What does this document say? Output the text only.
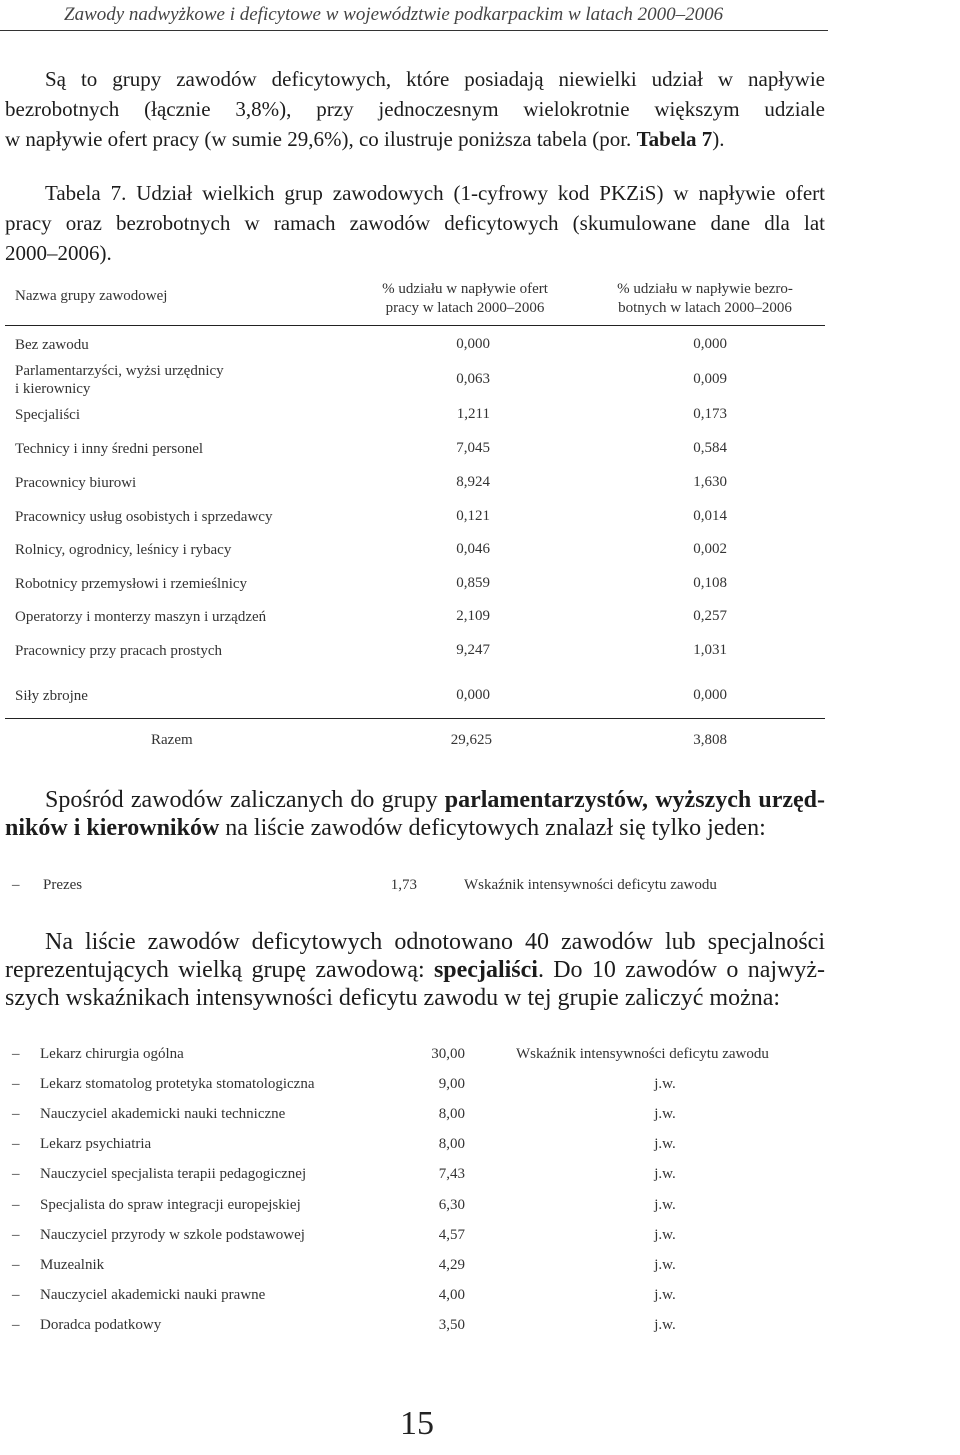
Zawody nadwyżkowe i deficytowe w województwie podkarpackim w latach 2000–2006
Są to grupy zawodów deficytowych, które posiadają niewielki udział w napływie
bezrobotnych (łącznie 3,8%), przy jednoczesnym wielokrotnie większym udziale
w napływie ofert pracy (w sumie 29,6%), co ilustruje poniższa tabela (por. Tabela 7).
Tabela 7. Udział wielkich grup zawodowych (1-cyfrowy kod PKZiS) w napływie ofert
pracy oraz bezrobotnych w ramach zawodów deficytowych (skumulowane dane dla lat
2000–2006).
Nazwa grupy zawodowej	% udziału w napływie ofert
pracy w latach 2000–2006
% udziału w napływie bezro-
botnych w latach 2000–2006
Bez zawodu	0,000	0,000
Parlamentarzyści, wyżsi urzędnicy
i kierownicy
0,063	0,009
Specjaliści	1,211	0,173
Technicy i inny średni personel	7,045	0,584
Pracownicy biurowi	8,924	1,630
Pracownicy usług osobistych i sprzedawcy	0,121	0,014
Rolnicy, ogrodnicy, leśnicy i rybacy	0,046	0,002
Robotnicy przemysłowi i rzemieślnicy	0,859	0,108
Operatorzy i monterzy maszyn i urządzeń	2,109	0,257
Pracownicy przy pracach prostych	9,247	1,031
Siły zbrojne	0,000	0,000
Razem	29,625	3,808
Spośród zawodów zaliczanych do grupy parlamentarzystów, wyższych urzęd-
ników i kierowników na liście zawodów deficytowych znalazł się tylko jeden:
– Prezes	1,73	Wskaźnik intensywności deficytu zawodu
Na liście zawodów deficytowych odnotowano 40 zawodów lub specjalności
reprezentujących wielką grupę zawodową: specjaliści. Do 10 zawodów o najwyż-
szych wskaźnikach intensywności deficytu zawodu w tej grupie zaliczyć można:
– Lekarz chirurgia ogólna	30,00	Wskaźnik intensywności deficytu zawodu
– Lekarz stomatolog protetyka stomatologiczna	9,00	j.w.
– Nauczyciel akademicki nauki techniczne	8,00	j.w.
– Lekarz psychiatria	8,00	j.w.
– Nauczyciel specjalista terapii pedagogicznej	7,43	j.w.
– Specjalista do spraw integracji europejskiej	6,30	j.w.
– Nauczyciel przyrody w szkole podstawowej	4,57	j.w.
– Muzealnik	4,29	j.w.
– Nauczyciel akademicki nauki prawne	4,00	j.w.
– Doradca podatkowy	3,50	j.w.
15
